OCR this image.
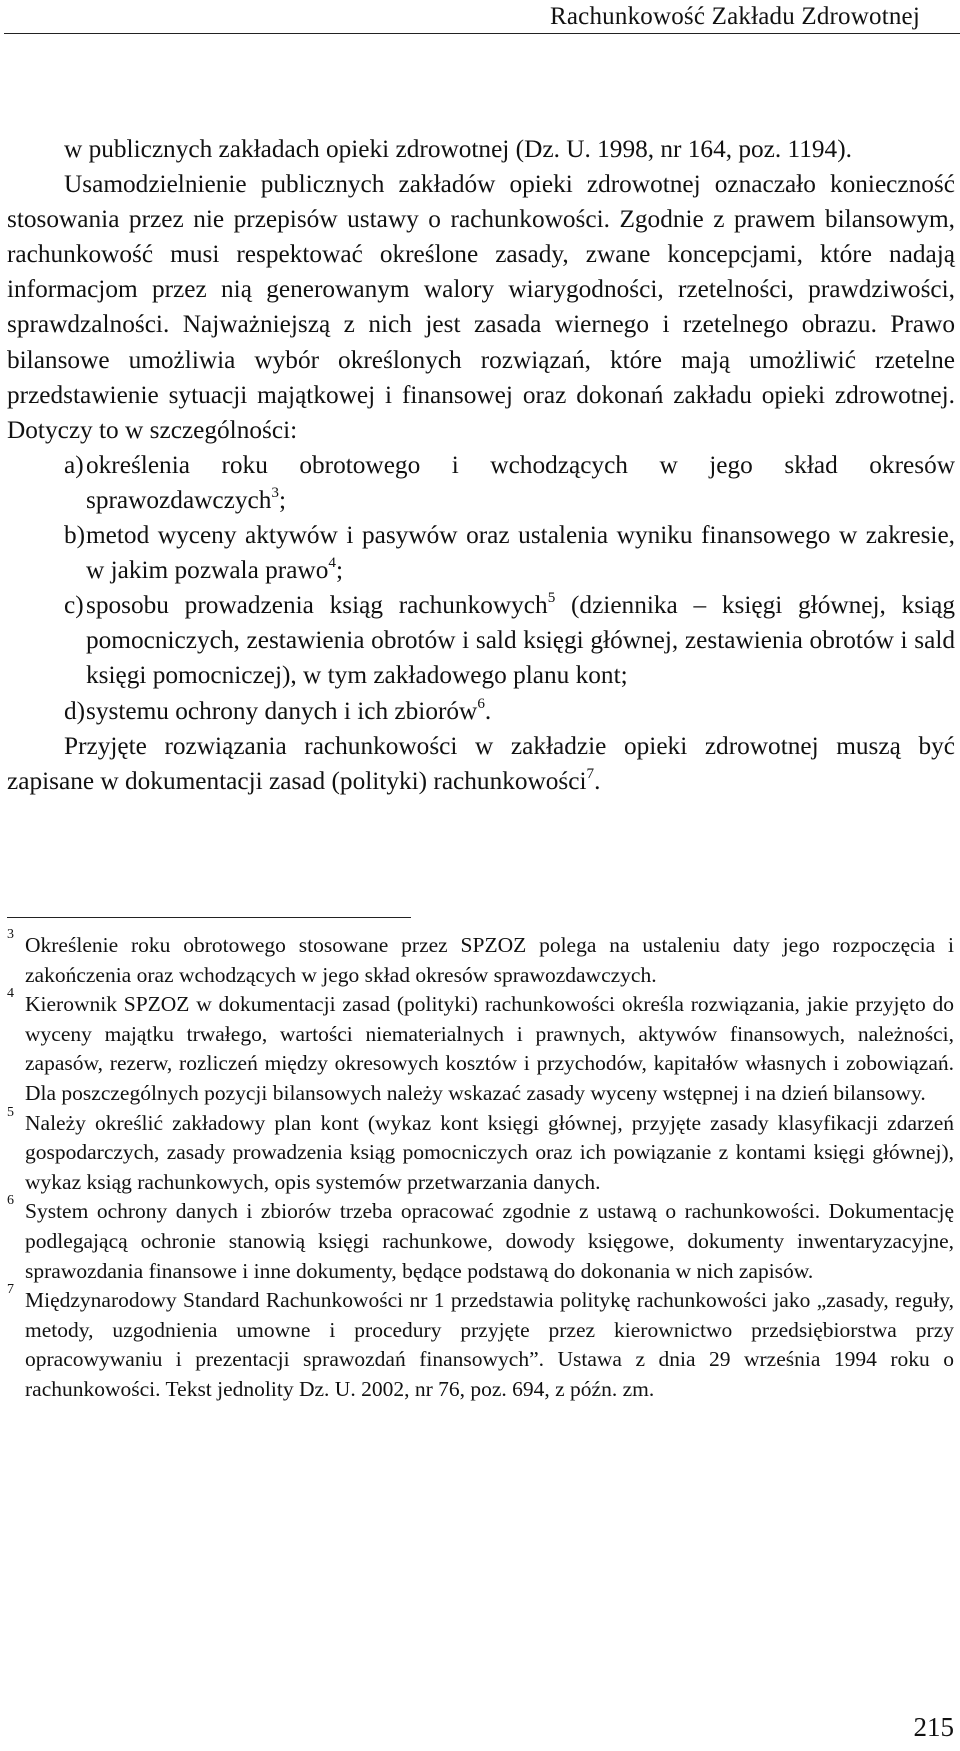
Rachunkowość Zakładu Zdrowotnej

w publicznych zakładach opieki zdrowotnej (Dz. U. 1998, nr 164, poz. 1194).

Usamodzielnienie publicznych zakładów opieki zdrowotnej oznaczało konieczność stosowania przez nie przepisów ustawy o rachunkowości. Zgodnie z prawem bilansowym, rachunkowość musi respektować określone zasady, zwane koncepcjami, które nadają informacjom przez nią generowanym walory wiarygodności, rzetelności, prawdziwości, sprawdzalności. Najważniejszą z nich jest zasada wiernego i rzetelnego obrazu. Prawo bilansowe umożliwia wybór określonych rozwiązań, które mają umożliwić rzetelne przedstawienie sytuacji majątkowej i finansowej oraz dokonań zakładu opieki zdrowotnej. Dotyczy to w szczególności:

a) określenia roku obrotowego i wchodzących w jego skład okresów sprawozdawczych$^3$;
b) metod wyceny aktywów i pasywów oraz ustalenia wyniku finansowego w zakresie, w jakim pozwala prawo$^4$;
c) sposobu prowadzenia ksiąg rachunkowych$^5$ (dziennika – księgi głównej, ksiąg pomocniczych, zestawienia obrotów i sald księgi głównej, zestawienia obrotów i sald księgi pomocniczej), w tym zakładowego planu kont;
d) systemu ochrony danych i ich zbiorów$^6$.

Przyjęte rozwiązania rachunkowości w zakładzie opieki zdrowotnej muszą być zapisane w dokumentacji zasad (polityki) rachunkowości$^7$.

3 Określenie roku obrotowego stosowane przez SPZOZ polega na ustaleniu daty jego rozpoczęcia i zakończenia oraz wchodzących w jego skład okresów sprawozdawczych.

4 Kierownik SPZOZ w dokumentacji zasad (polityki) rachunkowości określa rozwiązania, jakie przyjęto do wyceny majątku trwałego, wartości niematerialnych i prawnych, aktywów finansowych, należności, zapasów, rezerw, rozliczeń między okresowych kosztów i przychodów, kapitałów własnych i zobowiązań. Dla poszczególnych pozycji bilansowych należy wskazać zasady wyceny wstępnej i na dzień bilansowy.

5 Należy określić zakładowy plan kont (wykaz kont księgi głównej, przyjęte zasady klasyfikacji zdarzeń gospodarczych, zasady prowadzenia ksiąg pomocniczych oraz ich powiązanie z kontami księgi głównej), wykaz ksiąg rachunkowych, opis systemów przetwarzania danych.

6 System ochrony danych i zbiorów trzeba opracować zgodnie z ustawą o rachunkowości. Dokumentację podlegającą ochronie stanowią księgi rachunkowe, dowody księgowe, dokumenty inwentaryzacyjne, sprawozdania finansowe i inne dokumenty, będące podstawą do dokonania w nich zapisów.

7 Międzynarodowy Standard Rachunkowości nr 1 przedstawia politykę rachunkowości jako „zasady, reguły, metody, uzgodnienia umowne i procedury przyjęte przez kierownictwo przedsiębiorstwa przy opracowywaniu i prezentacji sprawozdań finansowych”. Ustawa z dnia 29 września 1994 roku o rachunkowości. Tekst jednolity Dz. U. 2002, nr 76, poz. 694, z późn. zm.

215
